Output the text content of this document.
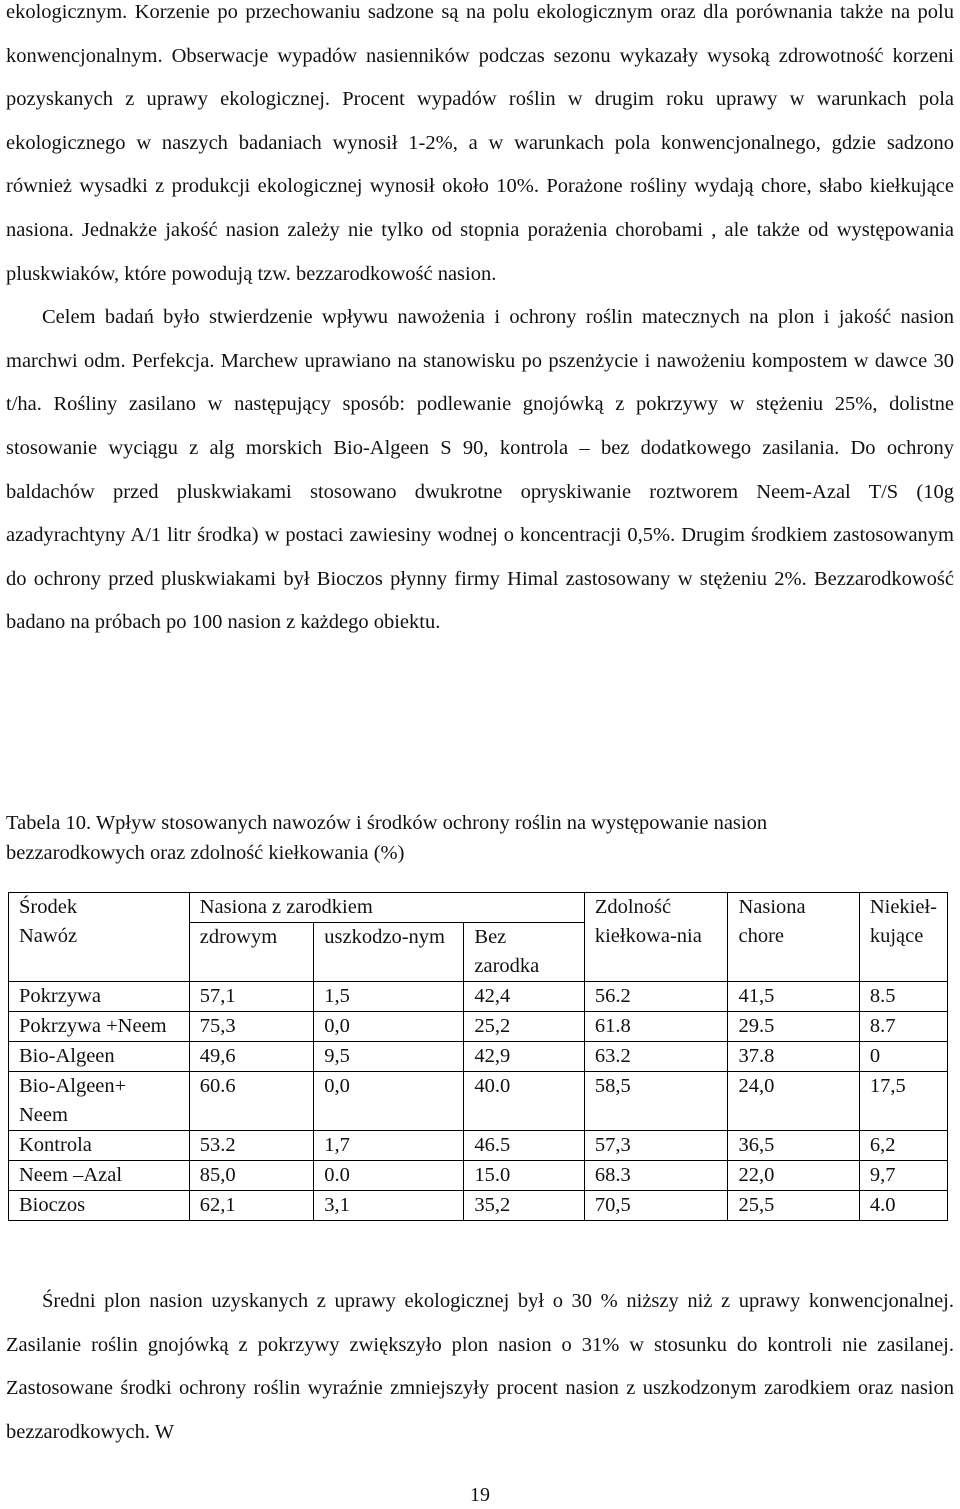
ekologicznym. Korzenie po przechowaniu sadzone są na polu ekologicznym oraz dla porównania także na polu konwencjonalnym. Obserwacje wypadów nasienników podczas sezonu wykazały wysoką zdrowotność korzeni pozyskanych z uprawy ekologicznej. Procent wypadów roślin w drugim roku uprawy w warunkach pola ekologicznego w naszych badaniach wynosił 1-2%, a w warunkach pola konwencjonalnego, gdzie sadzono również wysadki z produkcji ekologicznej wynosił około 10%. Porażone rośliny wydają chore, słabo kiełkujące nasiona. Jednakże jakość nasion zależy nie tylko od stopnia porażenia chorobami , ale także od występowania pluskwiaków, które powodują tzw. bezzarodkowość nasion.

Celem badań było stwierdzenie wpływu nawożenia i ochrony roślin matecznych na plon i jakość nasion marchwi odm. Perfekcja. Marchew uprawiano na stanowisku po pszenżycie i nawożeniu kompostem w dawce 30 t/ha. Rośliny zasilano w następujący sposób: podlewanie gnojówką z pokrzywy w stężeniu 25%, dolistne stosowanie wyciągu z alg morskich Bio-Algeen S 90, kontrola – bez dodatkowego zasilania. Do ochrony baldachów przed pluskwiakami stosowano dwukrotne opryskiwanie roztworem Neem-Azal T/S (10g azadyrachtyny A/1 litr środka) w postaci zawiesiny wodnej o koncentracji 0,5%. Drugim środkiem zastosowanym do ochrony przed pluskwiakami był Bioczos płynny firmy Himal zastosowany w stężeniu 2%. Bezzarodkowość badano na próbach po 100 nasion z każdego obiektu.

Tabela 10. Wpływ stosowanych nawozów i środków ochrony roślin na występowanie nasion

bezzarodkowych oraz zdolność kiełkowania (%)

Środek
Nawóz	Nasiona z zarodkiem			Zdolność kiełkowa-nia	Nasiona chore	Niekieł-kujące
	zdrowym	uszkodzo-nym	Bez zarodka			
Pokrzywa	57,1	1,5	42,4	56.2	41,5	8.5
Pokrzywa +Neem	75,3	0,0	25,2	61.8	29.5	8.7
Bio-Algeen	49,6	9,5	42,9	63.2	37.8	0
Bio-Algeen+ Neem	60.6	0,0	40.0	58,5	24,0	17,5
Kontrola	53.2	1,7	46.5	57,3	36,5	6,2
Neem –Azal	85,0	0.0	15.0	68.3	22,0	9,7
Bioczos	62,1	3,1	35,2	70,5	25,5	4.0

Średni plon nasion uzyskanych z uprawy ekologicznej był o 30 % niższy niż z uprawy konwencjonalnej. Zasilanie roślin gnojówką z pokrzywy zwiększyło plon nasion o 31% w stosunku do kontroli nie zasilanej. Zastosowane środki ochrony roślin wyraźnie zmniejszyły procent nasion z uszkodzonym zarodkiem oraz nasion bezzarodkowych. W

19
